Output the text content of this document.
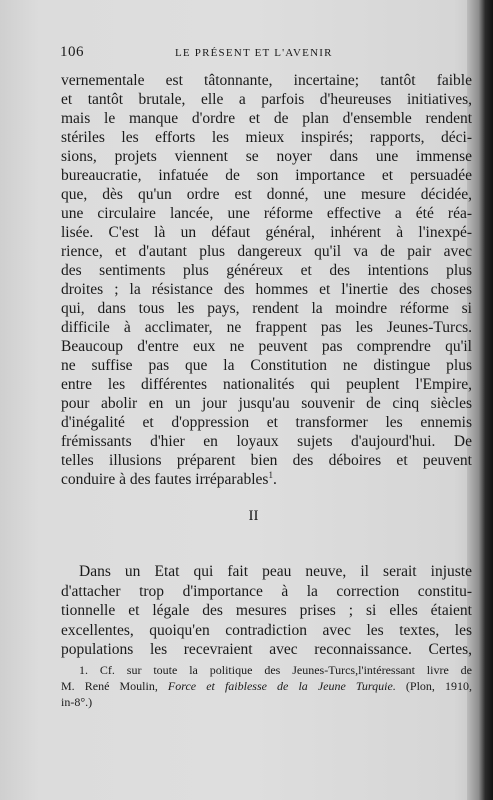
106	LE PRÉSENT ET L'AVENIR
vernementale est tâtonnante, incertaine; tantôt faible
et tantôt brutale, elle a parfois d'heureuses initiatives,
mais le manque d'ordre et de plan d'ensemble rendent
stériles les efforts les mieux inspirés; rapports, déci-
sions, projets viennent se noyer dans une immense
bureaucratie, infatuée de son importance et persuadée
que, dès qu'un ordre est donné, une mesure décidée,
une circulaire lancée, une réforme effective a été réa-
lisée. C'est là un défaut général, inhérent à l'inexpé-
rience, et d'autant plus dangereux qu'il va de pair avec
des sentiments plus généreux et des intentions plus
droites ; la résistance des hommes et l'inertie des choses
qui, dans tous les pays, rendent la moindre réforme si
difficile à acclimater, ne frappent pas les Jeunes-Turcs.
Beaucoup d'entre eux ne peuvent pas comprendre qu'il
ne suffise pas que la Constitution ne distingue plus
entre les différentes nationalités qui peuplent l'Empire,
pour abolir en un jour jusqu'au souvenir de cinq siècles
d'inégalité et d'oppression et transformer les ennemis
frémissants d'hier en loyaux sujets d'aujourd'hui. De
telles illusions préparent bien des déboires et peuvent
conduire à des fautes irréparables$^1$.
II
Dans un Etat qui fait peau neuve, il serait injuste
d'attacher trop d'importance à la correction constitu-
tionnelle et légale des mesures prises ; si elles étaient
excellentes, quoiqu'en contradiction avec les textes, les
populations les recevraient avec reconnaissance. Certes,
1. Cf. sur toute la politique des Jeunes-Turcs,l'intéressant livre de
M. René Moulin, Force et faiblesse de la Jeune Turquie. (Plon, 1910,
in-8°.)
